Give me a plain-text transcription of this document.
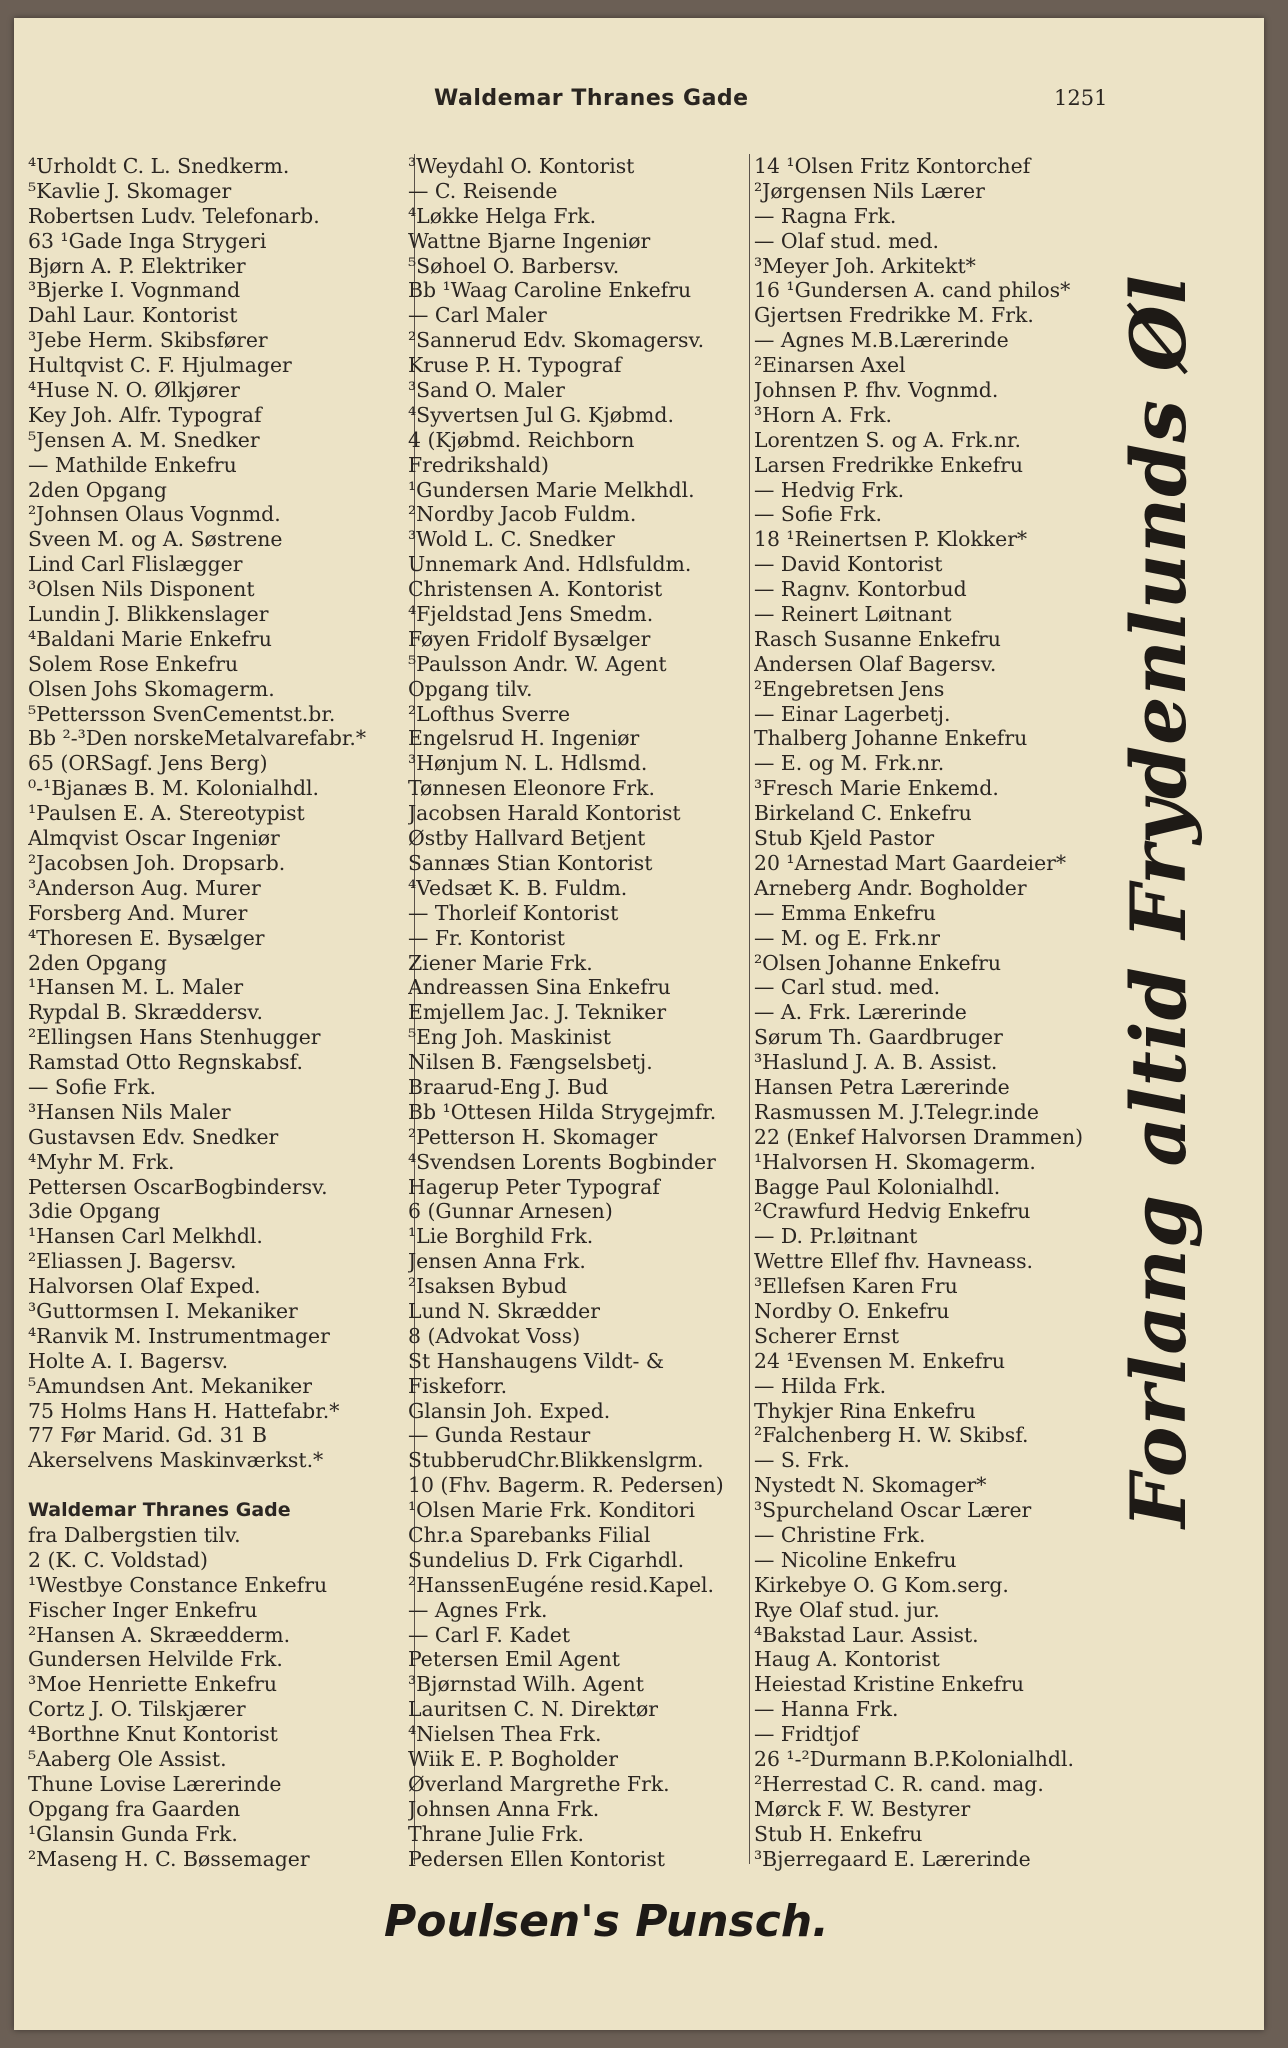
Waldemar Thranes Gade	1251
⁴Urholdt C. L. Snedkerm.
⁵Kavlie J. Skomager
Robertsen Ludv. Telefonarb.
63 ¹Gade Inga Strygeri
Bjørn A. P. Elektriker
³Bjerke I. Vognmand
Dahl Laur. Kontorist
³Jebe Herm. Skibsfører
Hultqvist C. F. Hjulmager
⁴Huse N. O. Ølkjører
Key Joh. Alfr. Typograf
⁵Jensen A. M. Snedker
— Mathilde Enkefru
2den Opgang
²Johnsen Olaus Vognmd.
Sveen M. og A. Søstrene
Lind Carl Flislægger
³Olsen Nils Disponent
Lundin J. Blikkenslager
⁴Baldani Marie Enkefru
Solem Rose Enkefru
Olsen Johs Skomagerm.
⁵Pettersson SvenCementst.br.
Bb ²-³Den norskeMetalvarefabr.*
65 (ORSagf. Jens Berg)
⁰-¹Bjanæs B. M. Kolonialhdl.
¹Paulsen E. A. Stereotypist
Almqvist Oscar Ingeniør
²Jacobsen Joh. Dropsarb.
³Anderson Aug. Murer
Forsberg And. Murer
⁴Thoresen E. Bysælger
2den Opgang
¹Hansen M. L. Maler
Rypdal B. Skræddersv.
²Ellingsen Hans Stenhugger
Ramstad Otto Regnskabsf.
— Sofie Frk.
³Hansen Nils Maler
Gustavsen Edv. Snedker
⁴Myhr M. Frk.
Pettersen OscarBogbindersv.
3die Opgang
¹Hansen Carl Melkhdl.
²Eliassen J. Bagersv.
Halvorsen Olaf Exped.
³Guttormsen I. Mekaniker
⁴Ranvik M. Instrumentmager
Holte A. I. Bagersv.
⁵Amundsen Ant. Mekaniker
75 Holms Hans H. Hattefabr.*
77 Før Marid. Gd. 31 B
Akerselvens Maskinværkst.*
Waldemar Thranes Gade
fra Dalbergstien tilv.
2 (K. C. Voldstad)
¹Westbye Constance Enkefru
Fischer Inger Enkefru
²Hansen A. Skræedderm.
Gundersen Helvilde Frk.
³Moe Henriette Enkefru
Cortz J. O. Tilskjærer
⁴Borthne Knut Kontorist
⁵Aaberg Ole Assist.
Thune Lovise Lærerinde
Opgang fra Gaarden
¹Glansin Gunda Frk.
²Maseng H. C. Bøssemager
³Weydahl O. Kontorist
— C. Reisende
⁴Løkke Helga Frk.
Wattne Bjarne Ingeniør
⁵Søhoel O. Barbersv.
Bb ¹Waag Caroline Enkefru
— Carl Maler
²Sannerud Edv. Skomagersv.
Kruse P. H. Typograf
³Sand O. Maler
⁴Syvertsen Jul G. Kjøbmd.
4 (Kjøbmd. Reichborn
Fredrikshald)
¹Gundersen Marie Melkhdl.
²Nordby Jacob Fuldm.
³Wold L. C. Snedker
Unnemark And. Hdlsfuldm.
Christensen A. Kontorist
⁴Fjeldstad Jens Smedm.
Føyen Fridolf Bysælger
⁵Paulsson Andr. W. Agent
Opgang tilv.
²Lofthus Sverre
Engelsrud H. Ingeniør
³Hønjum N. L. Hdlsmd.
Tønnesen Eleonore Frk.
Jacobsen Harald Kontorist
Østby Hallvard Betjent
Sannæs Stian Kontorist
⁴Vedsæt K. B. Fuldm.
— Thorleif Kontorist
— Fr. Kontorist
Ziener Marie Frk.
Andreassen Sina Enkefru
Emjellem Jac. J. Tekniker
⁵Eng Joh. Maskinist
Nilsen B. Fængselsbetj.
Braarud-Eng J. Bud
Bb ¹Ottesen Hilda Strygejmfr.
²Petterson H. Skomager
⁴Svendsen Lorents Bogbinder
Hagerup Peter Typograf
6 (Gunnar Arnesen)
¹Lie Borghild Frk.
Jensen Anna Frk.
²Isaksen Bybud
Lund N. Skrædder
8 (Advokat Voss)
St Hanshaugens Vildt- &
Fiskeforr.
Glansin Joh. Exped.
— Gunda Restaur
StubberudChr.Blikkenslgrm.
10 (Fhv. Bagerm. R. Pedersen)
¹Olsen Marie Frk. Konditori
Chr.a Sparebanks Filial
Sundelius D. Frk Cigarhdl.
²HanssenEugéne resid.Kapel.
— Agnes Frk.
— Carl F. Kadet
Petersen Emil Agent
³Bjørnstad Wilh. Agent
Lauritsen C. N. Direktør
⁴Nielsen Thea Frk.
Wiik E. P. Bogholder
Øverland Margrethe Frk.
Johnsen Anna Frk.
Thrane Julie Frk.
Pedersen Ellen Kontorist
14 ¹Olsen Fritz Kontorchef
²Jørgensen Nils Lærer
— Ragna Frk.
— Olaf stud. med.
³Meyer Joh. Arkitekt*
16 ¹Gundersen A. cand philos*
Gjertsen Fredrikke M. Frk.
— Agnes M.B.Lærerinde
²Einarsen Axel
Johnsen P. fhv. Vognmd.
³Horn A. Frk.
Lorentzen S. og A. Frk.nr.
Larsen Fredrikke Enkefru
— Hedvig Frk.
— Sofie Frk.
18 ¹Reinertsen P. Klokker*
— David Kontorist
— Ragnv. Kontorbud
— Reinert Løitnant
Rasch Susanne Enkefru
Andersen Olaf Bagersv.
²Engebretsen Jens
— Einar Lagerbetj.
Thalberg Johanne Enkefru
— E. og M. Frk.nr.
³Fresch Marie Enkemd.
Birkeland C. Enkefru
Stub Kjeld Pastor
20 ¹Arnestad Mart Gaardeier*
Arneberg Andr. Bogholder
— Emma Enkefru
— M. og E. Frk.nr
²Olsen Johanne Enkefru
— Carl stud. med.
— A. Frk. Lærerinde
Sørum Th. Gaardbruger
³Haslund J. A. B. Assist.
Hansen Petra Lærerinde
Rasmussen M. J.Telegr.inde
22 (Enkef Halvorsen Drammen)
¹Halvorsen H. Skomagerm.
Bagge Paul Kolonialhdl.
²Crawfurd Hedvig Enkefru
— D. Pr.løitnant
Wettre Ellef fhv. Havneass.
³Ellefsen Karen Fru
Nordby O. Enkefru
Scherer Ernst
24 ¹Evensen M. Enkefru
— Hilda Frk.
Thykjer Rina Enkefru
²Falchenberg H. W. Skibsf.
— S. Frk.
Nystedt N. Skomager*
³Spurcheland Oscar Lærer
— Christine Frk.
— Nicoline Enkefru
Kirkebye O. G Kom.serg.
Rye Olaf stud. jur.
⁴Bakstad Laur. Assist.
Haug A. Kontorist
Heiestad Kristine Enkefru
— Hanna Frk.
— Fridtjof
26 ¹-²Durmann B.P.Kolonialhdl.
²Herrestad C. R. cand. mag.
Mørck F. W. Bestyrer
Stub H. Enkefru
³Bjerregaard E. Lærerinde
Forlang altid Frydenlunds Øl
Poulsen's Punsch.
